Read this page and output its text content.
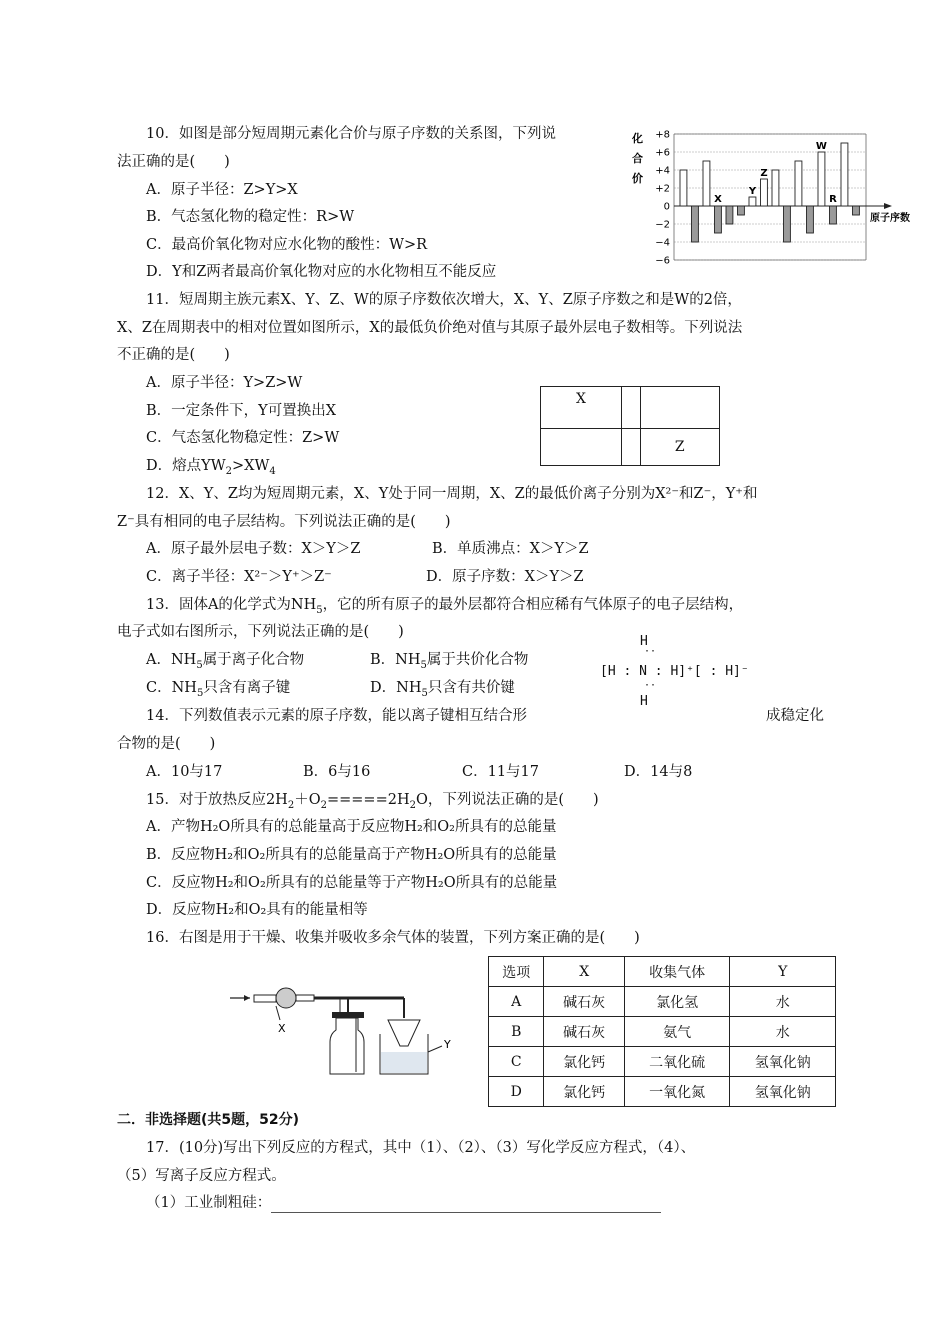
10．如图是部分短周期元素化合价与原子序数的关系图，下列说
法正确的是(　　)
A．原子半径：Z>Y>X
B．气态氢化物的稳定性：R>W
C．最高价氧化物对应水化物的酸性：W>R
D．Y和Z两者最高价氧化物对应的水化物相互不能反应
化
合
价
+8
+6
+4
+2
0
−2
−4
−6
原子序数
X
Y
Z
W
R
11．短周期主族元素X、Y、Z、W的原子序数依次增大，X、Y、Z原子序数之和是W的2倍，
X、Z在周期表中的相对位置如图所示，X的最低负价绝对值与其原子最外层电子数相等。下列说法
不正确的是(　　)
A．原子半径：Y>Z>W
B．一定条件下，Y可置换出X
C．气态氢化物稳定性：Z>W
D．熔点$YW_2>XW_4$
X		
		Z
12．X、Y、Z均为短周期元素，X、Y处于同一周期，X、Z的最低价离子分别为X²⁻和Z⁻，Y⁺和
Z⁻具有相同的电子层结构。下列说法正确的是(　　)
A．原子最外层电子数：X＞Y＞Z	B．单质沸点：X＞Y＞Z
C．离子半径：X²⁻＞Y⁺＞Z⁻	D．原子序数：X＞Y＞Z
13．固体A的化学式为$NH_5$，它的所有原子的最外层都符合相应稀有气体原子的电子层结构，
电子式如右图所示，下列说法正确的是(　　)
A．$NH_5$属于离子化合物	B．$NH_5$属于共价化合物
C．$NH_5$只含有离子键	D．$NH_5$只含有共价键
H
··
[H : N : H]⁺[ : H]⁻
··
H
14．下列数值表示元素的原子序数，能以离子键相互结合形	成稳定化
合物的是(　　)
A．10与17	B．6与16	C．11与17	D．14与8
15．对于放热反应$2H_2+O_2=====2H_2O$，下列说法正确的是(　　)
A．产物H₂O所具有的总能量高于反应物H₂和O₂所具有的总能量
B．反应物H₂和O₂所具有的总能量高于产物H₂O所具有的总能量
C．反应物H₂和O₂所具有的总能量等于产物H₂O所具有的总能量
D．反应物H₂和O₂具有的能量相等
16．右图是用于干燥、收集并吸收多余气体的装置，下列方案正确的是(　　)
X
Y
选项	X	收集气体	Y
A	碱石灰	氯化氢	水
B	碱石灰	氨气	水
C	氯化钙	二氧化硫	氢氧化钠
D	氯化钙	一氧化氮	氢氧化钠
二．非选择题(共5题，52分)
17．(10分)写出下列反应的方程式，其中（1）、（2）、（3）写化学反应方程式，（4）、
（5）写离子反应方程式。
（1）工业制粗硅：
